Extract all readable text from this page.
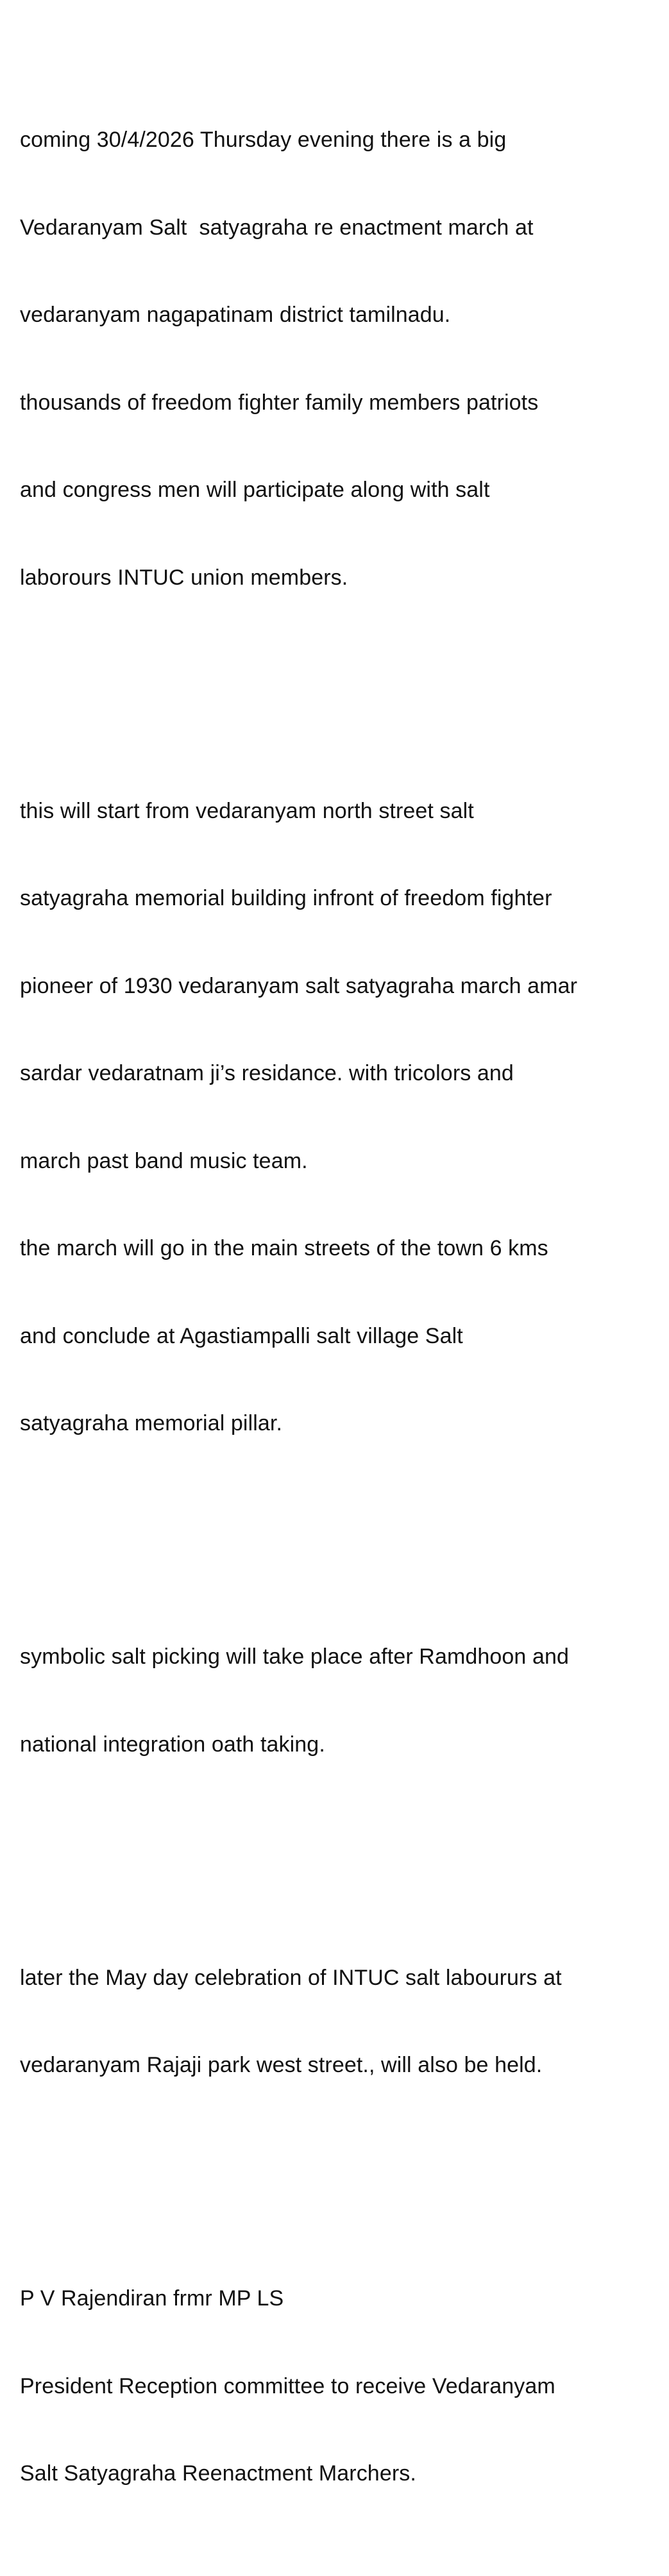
coming 30/4/2026 Thursday evening there is a big

Vedaranyam Salt  satyagraha re enactment march at

vedaranyam nagapatinam district tamilnadu.

thousands of freedom fighter family members patriots

and congress men will participate along with salt

laborours INTUC union members.

this will start from vedaranyam north street salt

satyagraha memorial building infront of freedom fighter

pioneer of 1930 vedaranyam salt satyagraha march amar

sardar vedaratnam ji’s residance. with tricolors and

march past band music team.

the march will go in the main streets of the town 6 kms

and conclude at Agastiampalli salt village Salt

satyagraha memorial pillar.

symbolic salt picking will take place after Ramdhoon and

national integration oath taking.

later the May day celebration of INTUC salt laboururs at

vedaranyam Rajaji park west street., will also be held.

P V Rajendiran frmr MP LS

President Reception committee to receive Vedaranyam

Salt Satyagraha Reenactment Marchers.
